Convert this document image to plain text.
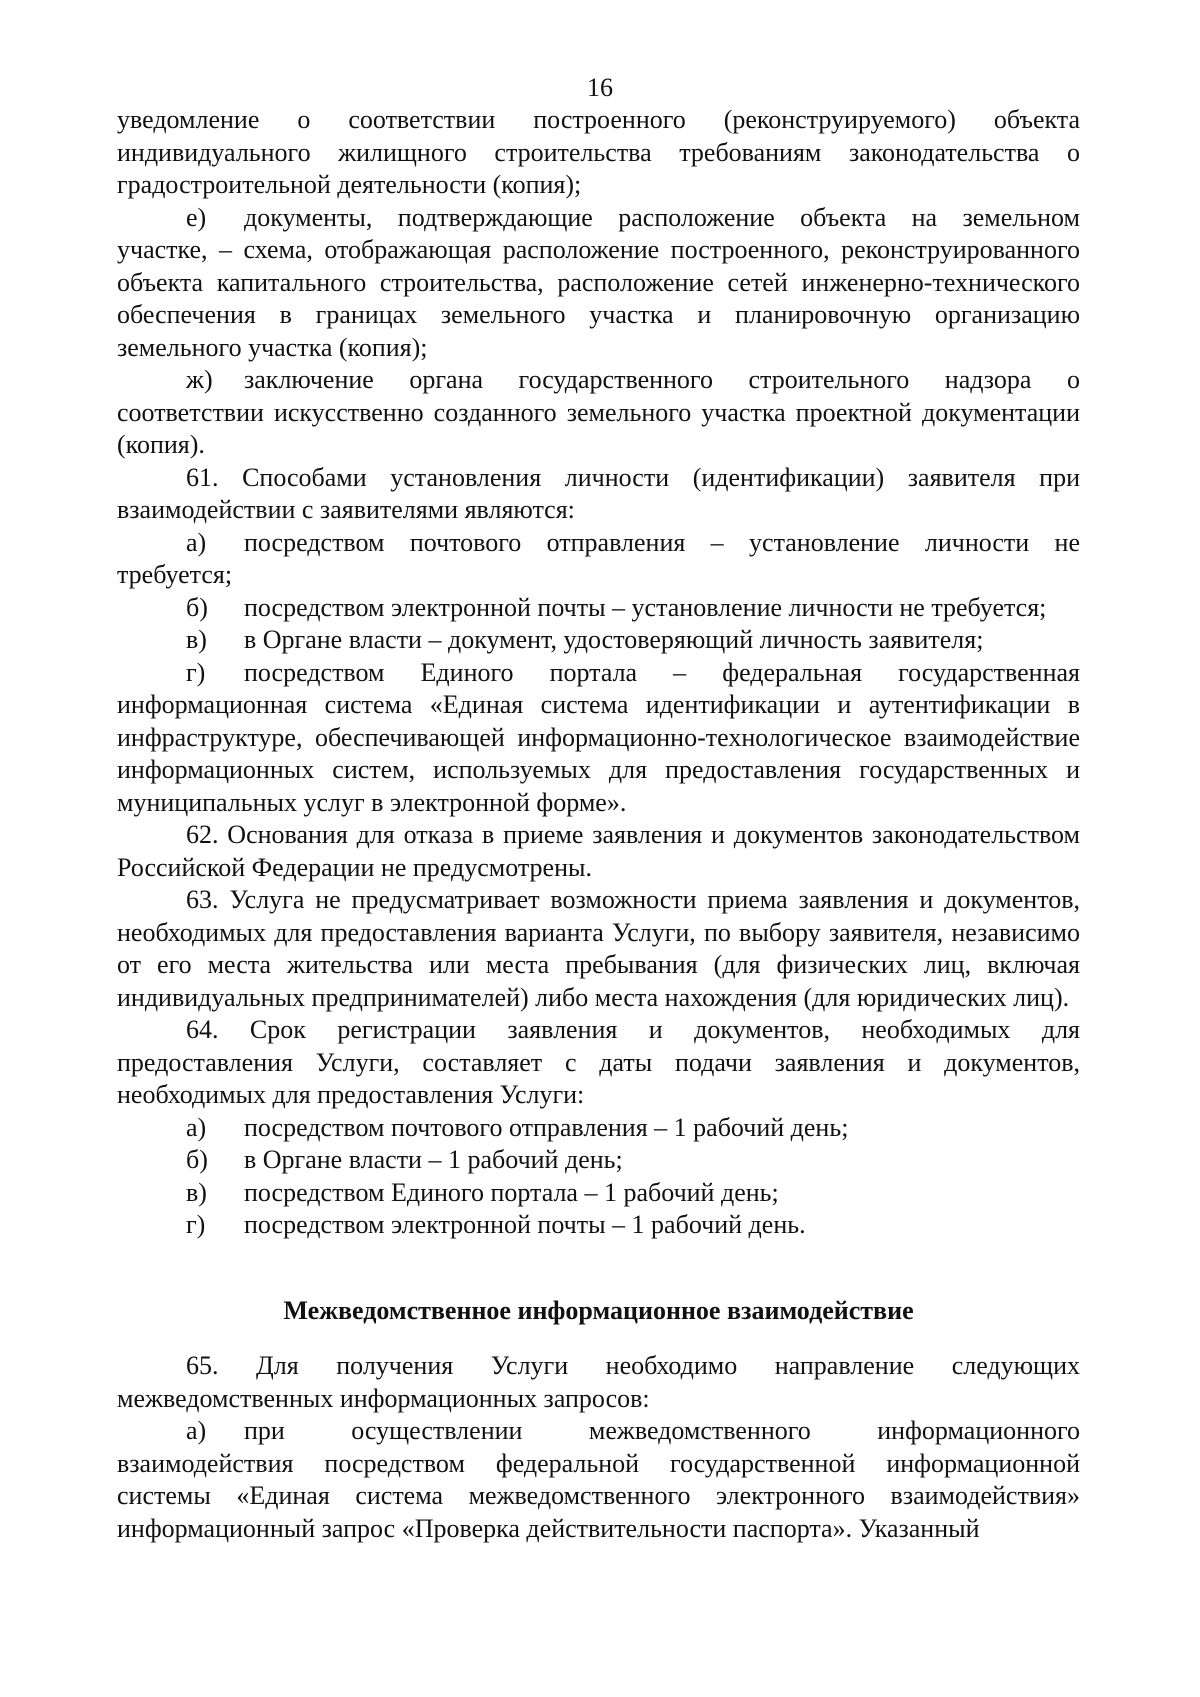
16

уведомление о соответствии построенного (реконструируемого) объекта индивидуального жилищного строительства требованиям законодательства о градостроительной деятельности (копия);

е) документы, подтверждающие расположение объекта на земельном участке, – схема, отображающая расположение построенного, реконструированного объекта капитального строительства, расположение сетей инженерно-технического обеспечения в границах земельного участка и планировочную организацию земельного участка (копия);

ж) заключение органа государственного строительного надзора о соответствии искусственно созданного земельного участка проектной документации (копия).

61. Способами установления личности (идентификации) заявителя при взаимодействии с заявителями являются:

а) посредством почтового отправления – установление личности не требуется;

б)	посредством электронной почты – установление личности не требуется;

в)	в Органе власти – документ, удостоверяющий личность заявителя;

г) посредством Единого портала – федеральная государственная информационная система «Единая система идентификации и аутентификации в инфраструктуре, обеспечивающей информационно-технологическое взаимодействие информационных систем, используемых для предоставления государственных и муниципальных услуг в электронной форме».

62. Основания для отказа в приеме заявления и документов законодательством Российской Федерации не предусмотрены.

63. Услуга не предусматривает возможности приема заявления и документов, необходимых для предоставления варианта Услуги, по выбору заявителя, независимо от его места жительства или места пребывания (для физических лиц, включая индивидуальных предпринимателей) либо места нахождения (для юридических лиц).

64. Срок регистрации заявления и документов, необходимых для предоставления Услуги, составляет с даты подачи заявления и документов, необходимых для предоставления Услуги:

а)	посредством почтового отправления – 1 рабочий день;

б)	в Органе власти – 1 рабочий день;

в)	посредством Единого портала – 1 рабочий день;

г)	посредством электронной почты – 1 рабочий день.

Межведомственное информационное взаимодействие

65. Для получения Услуги необходимо направление следующих межведомственных информационных запросов:

а) при осуществлении межведомственного информационного взаимодействия посредством федеральной государственной информационной системы «Единая система межведомственного электронного взаимодействия» информационный запрос «Проверка действительности паспорта». Указанный
